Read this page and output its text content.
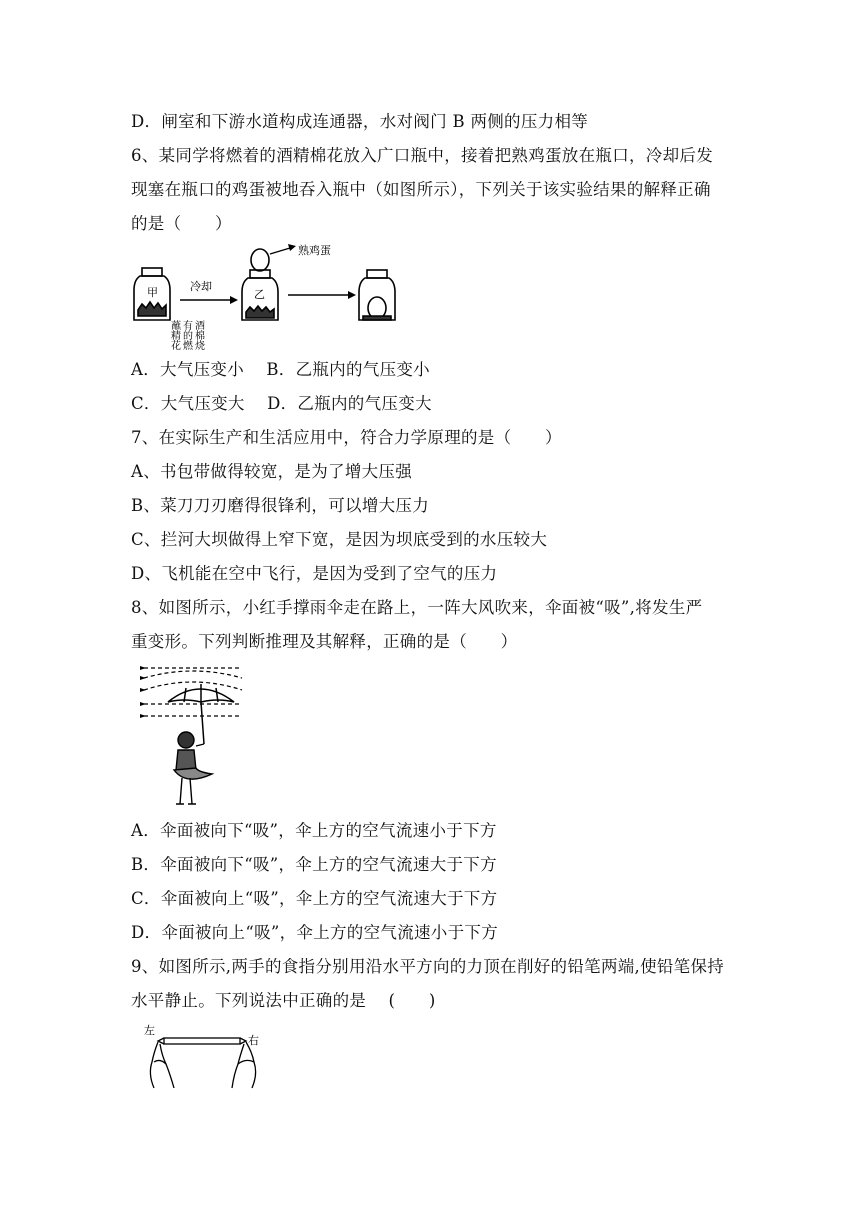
D．闸室和下游水道构成连通器，水对阀门 B 两侧的压力相等
6、某同学将燃着的酒精棉花放入广口瓶中，接着把熟鸡蛋放在瓶口，冷却后发
现塞在瓶口的鸡蛋被地吞入瓶中（如图所示），下列关于该实验结果的解释正确
的是（　　）
甲	冷却
蘸精花 有的燃 酒棉烧
乙
熟鸡蛋
A．大气压变小　 B．乙瓶内的气压变小
C．大气压变大　 D．乙瓶内的气压变大
7、在实际生产和生活应用中，符合力学原理的是（　　）
A、书包带做得较宽，是为了增大压强
B、菜刀刀刃磨得很锋利，可以增大压力
C、拦河大坝做得上窄下宽，是因为坝底受到的水压较大
D、飞机能在空中飞行，是因为受到了空气的压力
8、如图所示，小红手撑雨伞走在路上，一阵大风吹来，伞面被“吸”,将发生严
重变形。下列判断推理及其解释，正确的是（　　）
A．伞面被向下“吸”，伞上方的空气流速小于下方
B．伞面被向下“吸”，伞上方的空气流速大于下方
C．伞面被向上“吸”，伞上方的空气流速大于下方
D．伞面被向上“吸”，伞上方的空气流速小于下方
9、如图所示,两手的食指分别用沿水平方向的力顶在削好的铅笔两端,使铅笔保持
水平静止。下列说法中正确的是　 (　　)
左
右
